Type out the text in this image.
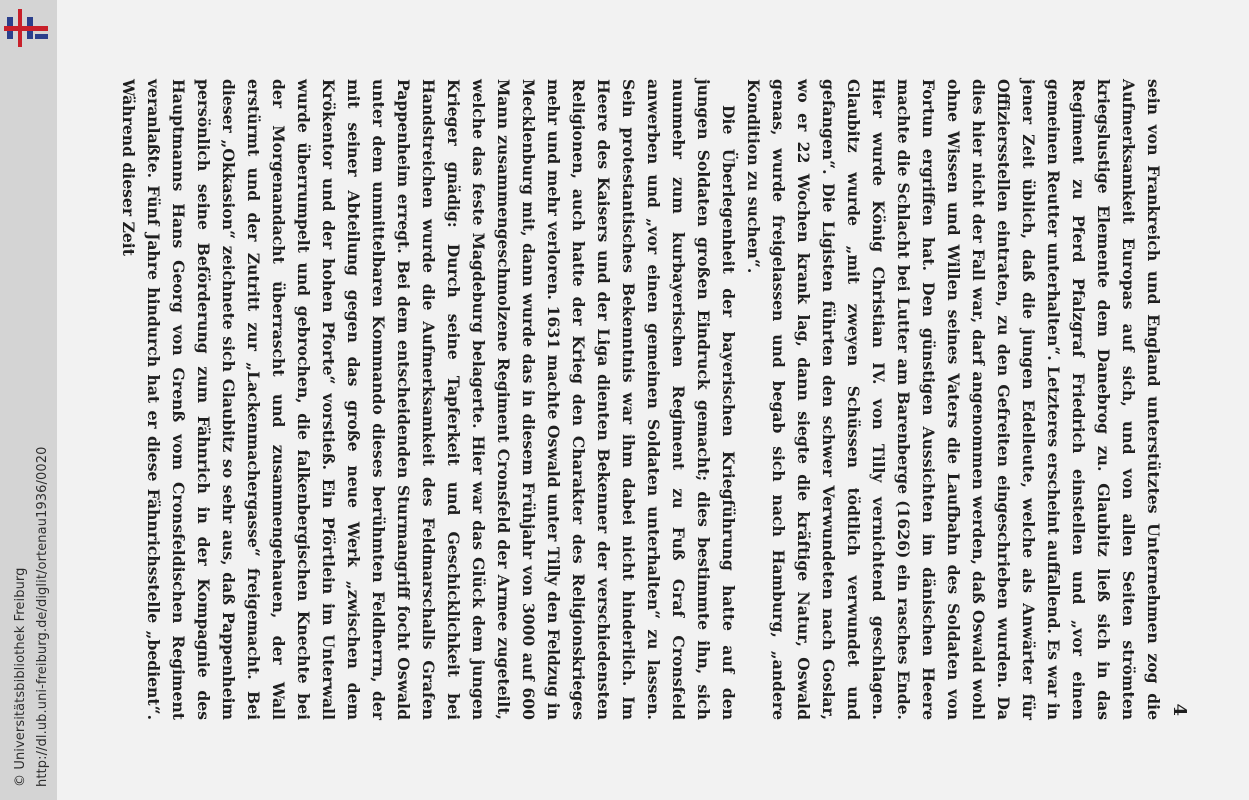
http://dl.ub.uni-freiburg.de/diglit/ortenau1936/0020
© Universitätsbibliothek Freiburg	4

sein von Frankreich und England unterstütztes Unternehmen zog die Aufmerksamkeit Europas auf sich, und von allen Seiten strömten kriegslustige Elemente dem Danebrog zu. Glaubitz ließ sich in das Regiment zu Pferd Pfalzgraf Friedrich einstellen und „vor einen gemeinen Reutter unterhalten“. Letzteres erscheint auffallend. Es war in jener Zeit üblich, daß die jungen Edelleute, welche als Anwärter für Offiziersstellen eintraten, zu den Gefreiten eingeschrieben wurden. Da dies hier nicht der Fall war, darf angenommen werden, daß Oswald wohl ohne Wissen und Willen seines Vaters die Laufbahn des Soldaten von Fortun ergriffen hat. Den günstigen Aussichten im dänischen Heere machte die Schlacht bei Lutter am Barenberge (1626) ein rasches Ende. Hier wurde König Christian IV. von Tilly vernichtend geschlagen. Glaubitz wurde „mit zweyen Schüssen tödtlich verwundet und gefangen“. Die Ligisten führten den schwer Verwundeten nach Goslar, wo er 22 Wochen krank lag, dann siegte die kräftige Natur, Oswald genas, wurde freigelassen und begab sich nach Hamburg, „andere Kondition zu suchen“.

Die Überlegenheit der bayerischen Kriegführung hatte auf den jungen Soldaten großen Eindruck gemacht; dies bestimmte ihn, sich nunmehr zum kurbayerischen Regiment zu Fuß Graf Cronsfeld anwerben und „vor einen gemeinen Soldaten unterhalten“ zu lassen. Sein protestantisches Bekenntnis war ihm dabei nicht hinderlich. Im Heere des Kaisers und der Liga dienten Bekenner der verschiedensten Religionen, auch hatte der Krieg den Charakter des Religionskrieges mehr und mehr verloren. 1631 machte Oswald unter Tilly den Feldzug in Mecklenburg mit, dann wurde das in diesem Frühjahr von 3000 auf 600 Mann zusammengeschmolzene Regiment Cronsfeld der Armee zugeteilt, welche das feste Magdeburg belagerte. Hier war das Glück dem jungen Krieger gnädig: Durch seine Tapferkeit und Geschicklichkeit bei Handstreichen wurde die Aufmerksamkeit des Feldmarschalls Grafen Pappenheim erregt. Bei dem entscheidenden Sturmangriff focht Oswald unter dem unmittelbaren Kommando dieses berühmten Feldherrn, der mit seiner Abteilung gegen das große neue Werk „zwischen dem Krökentor und der hohen Pforte“ vorstieß. Ein Pförtlein im Unterwall wurde überrumpelt und gebrochen, die falkenbergischen Knechte bei der Morgenandacht überrascht und zusammengehauen, der Wall erstürmt und der Zutritt zur „Lackenmachergasse“ freigemacht. Bei dieser „Okkasion“ zeichnete sich Glaubitz so sehr aus, daß Pappenheim persönlich seine Beförderung zum Fähnrich in der Kompagnie des Hauptmanns Hans Georg von Grenß vom Cronsfeldischen Regiment veranlaßte. Fünf Jahre hindurch hat er diese Fähnrichsstelle „bedient“. Während dieser Zeit
